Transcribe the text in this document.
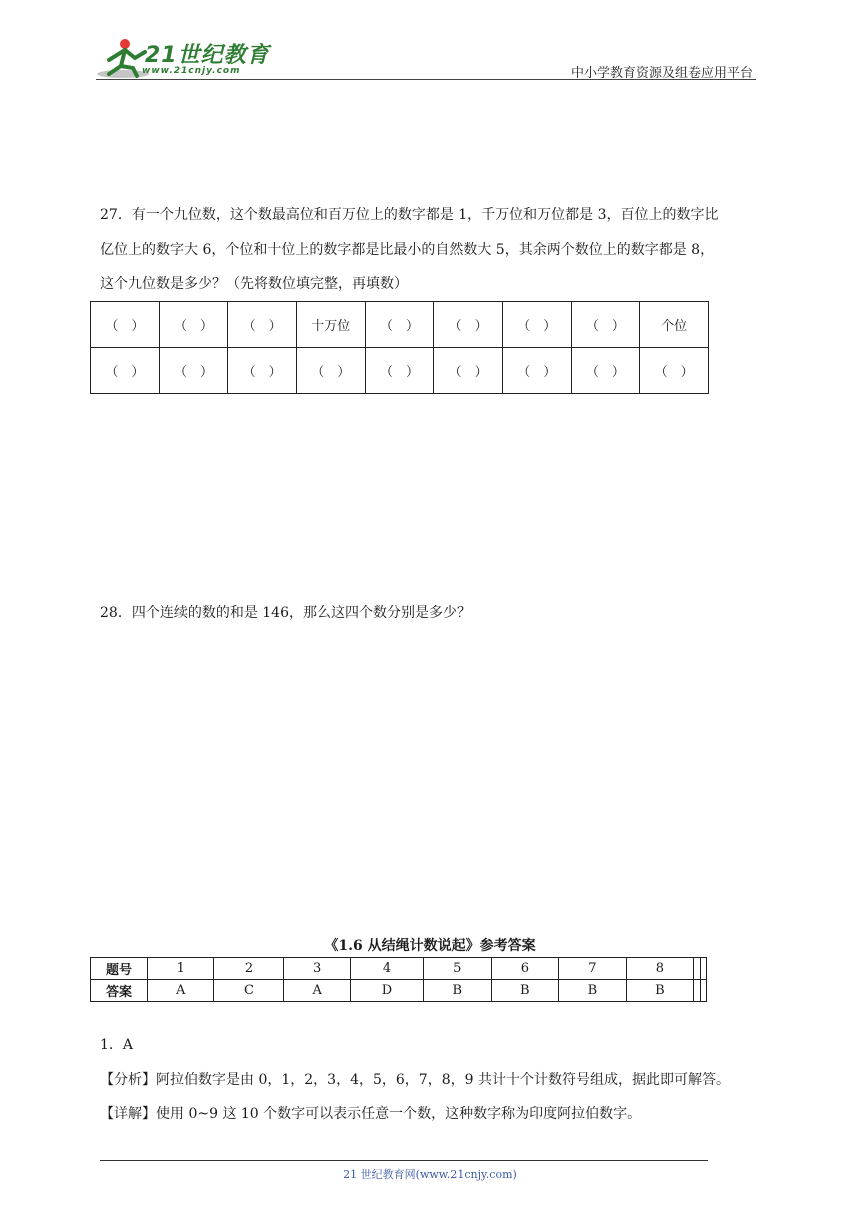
21世纪教育
www.21cnjy.com	中小学教育资源及组卷应用平台
27．有一个九位数，这个数最高位和百万位上的数字都是 1，千万位和万位都是 3，百位上的数字比
亿位上的数字大 6，个位和十位上的数字都是比最小的自然数大 5，其余两个数位上的数字都是 8，
这个九位数是多少？（先将数位填完整，再填数）
（　）	（　）	（　）	十万位	（　）	（　）	（　）	（　）	个位
（　）	（　）	（　）	（　）	（　）	（　）	（　）	（　）	（　）
28．四个连续的数的和是 146，那么这四个数分别是多少？
《1.6 从结绳计数说起》参考答案
题号	1	2	3	4	5	6	7	8		
答案	A	C	A	D	B	B	B	B		
1．A
【分析】阿拉伯数字是由 0，1，2，3，4，5，6，7，8，9 共计十个计数符号组成，据此即可解答。
【详解】使用 0~9 这 10 个数字可以表示任意一个数，这种数字称为印度阿拉伯数字。
21 世纪教育网(www.21cnjy.com)
